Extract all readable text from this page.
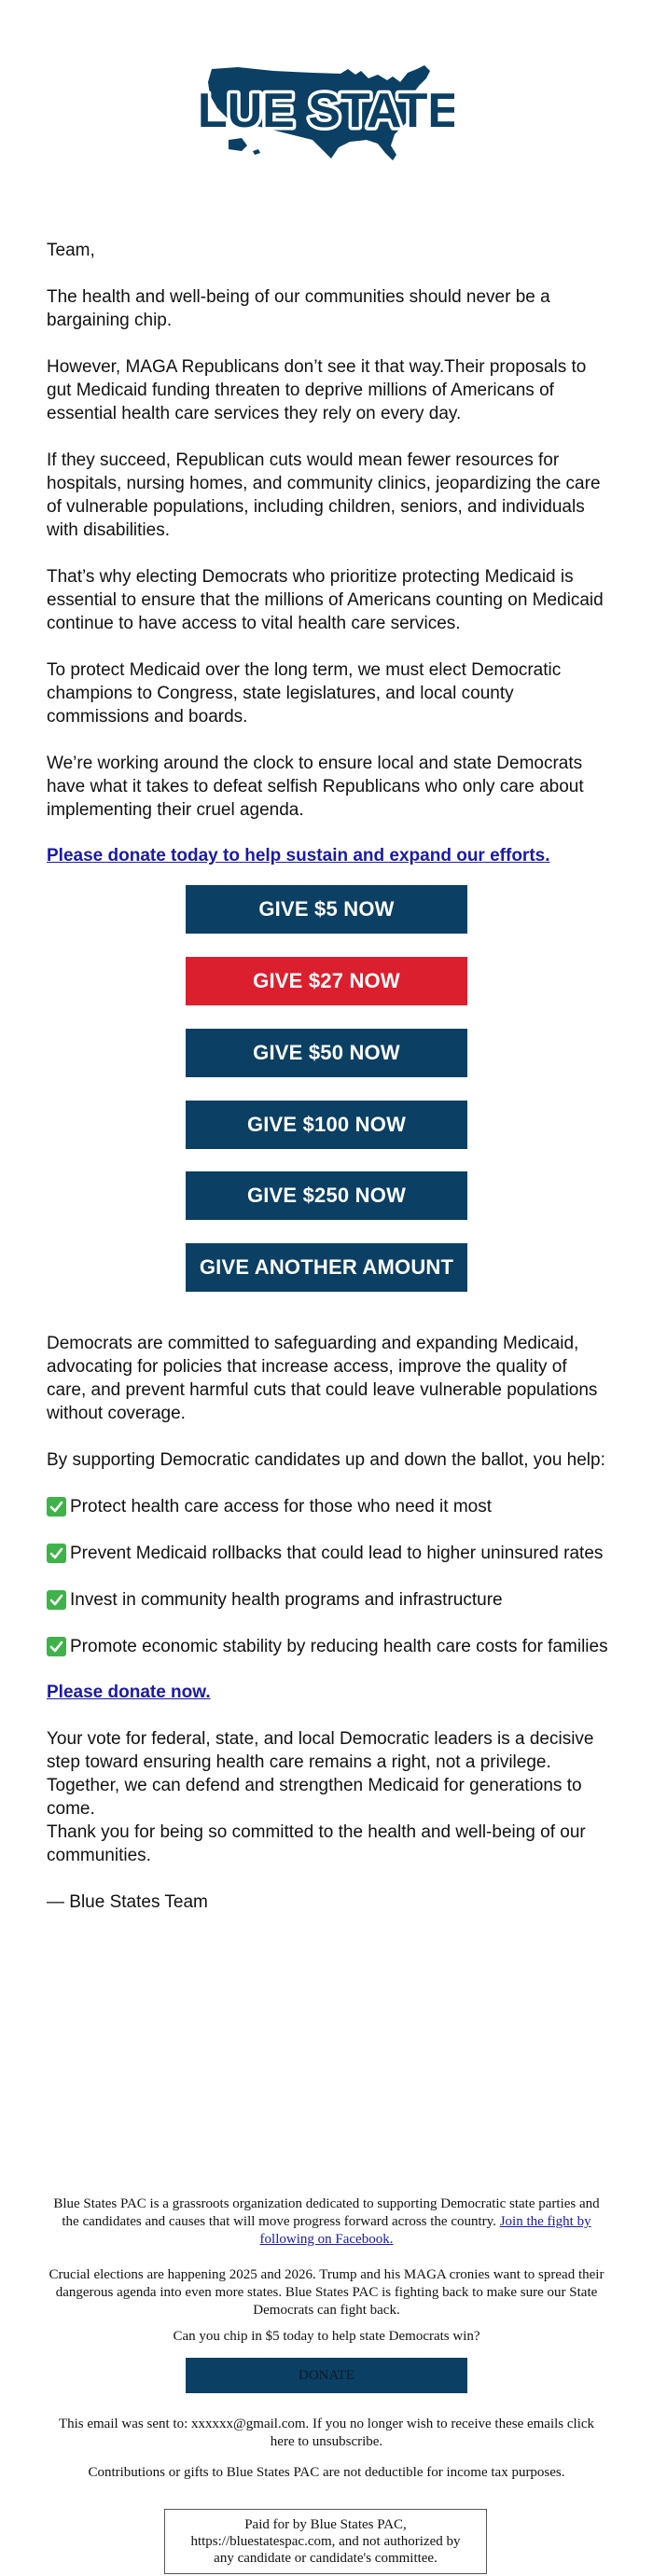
LUE STATE
LUE STATE

Team,

The health and well-being of our communities should never be a bargaining chip.

However, MAGA Republicans don’t see it that way.Their proposals to gut Medicaid funding threaten to deprive millions of Americans of essential health care services they rely on every day.

If they succeed, Republican cuts would mean fewer resources for hospitals, nursing homes, and community clinics, jeopardizing the care of vulnerable populations, including children, seniors, and individuals with disabilities.

That’s why electing Democrats who prioritize protecting Medicaid is essential to ensure that the millions of Americans counting on Medicaid continue to have access to vital health care services.

To protect Medicaid over the long term, we must elect Democratic champions to Congress, state legislatures, and local county commissions and boards.

We’re working around the clock to ensure local and state Democrats have what it takes to defeat selfish Republicans who only care about implementing their cruel agenda.

Please donate today to help sustain and expand our efforts.
GIVE $5 NOW
GIVE $27 NOW
GIVE $50 NOW
GIVE $100 NOW
GIVE $250 NOW
GIVE ANOTHER AMOUNT

Democrats are committed to safeguarding and expanding Medicaid, advocating for policies that increase access, improve the quality of care, and prevent harmful cuts that could leave vulnerable populations without coverage.

By supporting Democratic candidates up and down the ballot, you help:

Protect health care access for those who need it most
Prevent Medicaid rollbacks that could lead to higher uninsured rates
Invest in community health programs and infrastructure
Promote economic stability by reducing health care costs for families
Please donate now.

Your vote for federal, state, and local Democratic leaders is a decisive step toward ensuring health care remains a right, not a privilege. Together, we can defend and strengthen Medicaid for generations to come.

Thank you for being so committed to the health and well-being of our communities.

— Blue States Team

Blue States PAC is a grassroots organization dedicated to supporting Democratic state parties and the candidates and causes that will move progress forward across the country. Join the fight by following on Facebook.

Crucial elections are happening 2025 and 2026. Trump and his MAGA cronies want to spread their dangerous agenda into even more states. Blue States PAC is fighting back to make sure our State Democrats can fight back.

Can you chip in $5 today to help state Democrats win?

DONATE

This email was sent to: xxxxxx@gmail.com. If you no longer wish to receive these emails click here to unsubscribe.

Contributions or gifts to Blue States PAC are not deductible for income tax purposes.

Paid for by Blue States PAC, https://bluestatespac.com, and not authorized by any candidate or candidate's committee.
